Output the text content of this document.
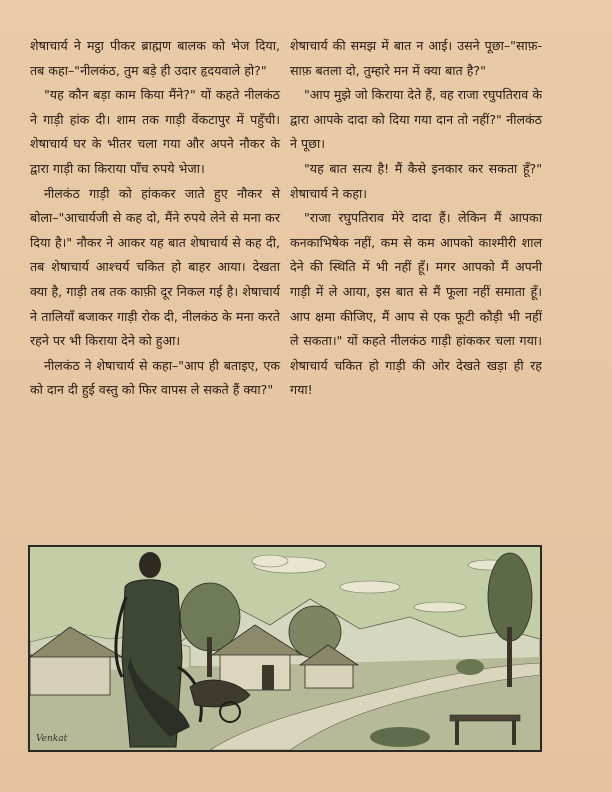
शेषाचार्य ने मट्ठा पीकर ब्राह्मण बालक को भेज दिया, तब कहा–"नीलकंठ, तुम बड़े ही उदार हृदयवाले हो?"

"यह कौन बड़ा काम किया मैंने?" यों कहते नीलकंठ ने गाड़ी हांक दी। शाम तक गाड़ी वेंकटापुर में पहुँची। शेषाचार्य घर के भीतर चला गया और अपने नौकर के द्वारा गाड़ी का किराया पाँच रुपये भेजा।

नीलकंठ गाड़ी को हांककर जाते हुए नौकर से बोला–"आचार्यजी से कह दो, मैंने रुपये लेने से मना कर दिया है।" नौकर ने आकर यह बात शेषाचार्य से कह दी, तब शेषाचार्य आश्चर्य चकित हो बाहर आया। देखता क्या है, गाड़ी तब तक काफ़ी दूर निकल गई है। शेषाचार्य ने तालियाँ बजाकर गाड़ी रोक दी, नीलकंठ के मना करते रहने पर भी किराया देने को हुआ।

नीलकंठ ने शेषाचार्य से कहा–"आप ही बताइए, एक को दान दी हुई वस्तु को फिर वापस ले सकते हैं क्या?"

शेषाचार्य की समझ में बात न आई। उसने पूछा–"साफ़-साफ़ बतला दो, तुम्हारे मन में क्या बात है?"

"आप मुझे जो किराया देते हैं, वह राजा रघुपतिराव के द्वारा आपके दादा को दिया गया दान तो नहीं?" नीलकंठ ने पूछा।

"यह बात सत्य है! मैं कैसे इनकार कर सकता हूँ?" शेषाचार्य ने कहा।

"राजा रघुपतिराव मेरे दादा हैं। लेकिन मैं आपका कनकाभिषेक नहीं, कम से कम आपको काश्मीरी शाल देने की स्थिति में भी नहीं हूँ। मगर आपको मैं अपनी गाड़ी में ले आया, इस बात से मैं फूला नहीं समाता हूँ। आप क्षमा कीजिए, मैं आप से एक फूटी कौड़ी भी नहीं ले सकता।" यों कहते नीलकंठ गाड़ी हांककर चला गया। शेषाचार्य चकित हो गाड़ी की ओर देखते खड़ा ही रह गया!

Venkat
